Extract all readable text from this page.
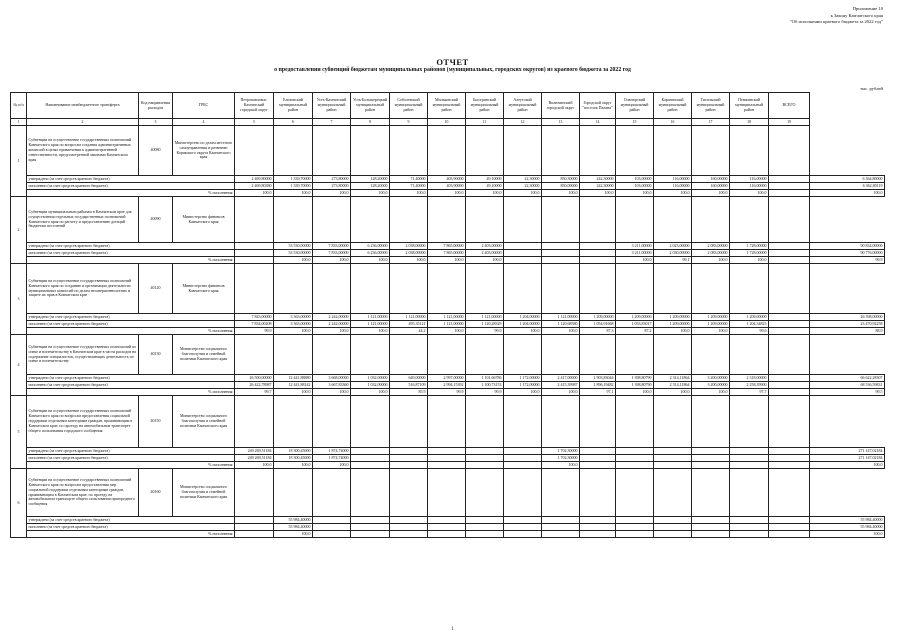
Приложение 10
к Закону Камчатского края
"Об исполнении краевого бюджета за 2022 год"
ОТЧЕТ
о предоставлении субвенций бюджетам муниципальных районов (муниципальных, городских округов) из краевого бюджета за 2022 год
тыс. рублей
№ п/п	Наименование межбюджетного трансферта	Код направления расходов	ГРБС	Петропавловск-Камчатский городской округ	Елизовский муниципальный район	Усть-Камчатский муниципальный район	Усть-Большерецкий муниципальный район	Соболевский муниципальный район	Мильковский муниципальный район	Быстринский муниципальный район	Алеутский муниципальный район	Вилючинский городской округ	Городской округ "поселок Палана"	Олюторский муниципальный район	Карагинский муниципальный район	Тигильский муниципальный район	Пенжинский муниципальный район	ВСЕГО	
1	2	3	4	5	6	7	8	9	10	11	12	13	14	15	16	17	18	19	
1	Субвенции на осуществление государственных полномочий Камчатского края по вопросам создания административных комиссий в целях привлечения к административной ответственности, предусмотренной законами Камчатского края	40080	Министерство по делам местного самоуправления и развитию Корякского округа Камчатского края																
	утверждено (за счет средств краевого бюджета)			2 469,80000	1 339,70000	273,80000	128,20000	71,40000	403,90000	49,10000	22,30000	850,30000	242,30000	103,00000	116,00000	160,00000	116,00000		6 364,80000
	исполнено (за счет средств краевого бюджета)			2 469,80380	1 339,70000	273,80000	128,20000	71,40000	403,90000	49,10000	22,30000	850,00000	242,30000	103,00000	116,00000	160,00000	116,00000		6 362,80119
	% исполнения			100,0	100,0	100,0	100,0	100,0	100,0	100,0	100,0	100,0	100,0	100,0	100,0	100,0	100,0		100,0
2	Субвенции муниципальным районам в Камчатском крае для осуществления отдельных государственных полномочий Камчатского края по расчету и предоставлению дотаций бюджетам поселений	40090	Министерство финансов Камчатского края																
	утверждено (за счет средств краевого бюджета)				53 530,00000	7 833,00000	6 236,00000	2 038,00000	7 865,00000	2 403,00000				3 211,00000	2 023,00000	2 083,00000	1 728,00000		90 834,00000
	исполнено (за счет средств краевого бюджета)				53 530,00000	7 833,00000	6 236,00000	2 038,00000	7 865,00000	2 403,00000				3 211,00000	2 030,00000	2 083,00000	1 728,00000		90 776,00000
	% исполнения				100,0	100,0	100,0	100,0	100,0	100,0				100,0	99,1	100,0	100,0		99,9
3	Субвенции на осуществление государственных полномочий Камчатского края по созданию и организации деятельности муниципальных комиссий по делам несовершеннолетних и защите их прав в Камчатском крае	40120	Министерство финансов Камчатского края																
	утверждено (за счет средств краевого бюджета)			7 843,00000	3 363,00000	2 242,00000	1 121,00000	1 121,00000	1 121,00000	1 121,00000	1 204,00000	1 121,00000	1 209,00000	1 209,00000	1 209,00000	1 209,00000	1 209,00000		26 398,00000
	исполнено (за счет средств краевого бюджета)			7 834,00208	3 363,00000	2 242,00000	1 121,00000	495,35121	1 121,00000	1 120,28329	1 204,00000	1 120,68580	1 054,91668	1 053,83017	1 209,00000	1 209,00000	1 204,34825		23 470,92258
	% исполнения			99,9	100,0	100,0	100,0	44,2	100,0	99,9	100,0	100,0	87,3	87,2	100,0	100,0	99,6		88,9
4	Субвенции на осуществление государственных полномочий по опеке и попечительству в Камчатском крае в части расходов на содержание специалистов, осуществляющих деятельность по опеке и попечительству	40130	Министерство социального благополучия и семейной политики Камчатского края																
	утверждено (за счет средств краевого бюджета)			26 500,00000	12 441,88880	3 668,00000	1 032,00000	649,00000	2 997,00000	1 101,66786	1 172,00000	2 417,00000	1 903,83044	1 398,80790	2 314,11864	3 200,00000	2 318,00000		66 622,28307
	исполнено (за счет средств краевого бюджета)			26 422,78987	12 441,88142	3 667,83360	1 032,00000	516,87109	2 994,15392	1 100,73153	1 172,00000	2 415,39987	1 896,19482	1 398,80790	2 314,11864	3 200,00000	2 258,39900		68 536,59831
	% исполнения			99,7	100,0	100,0	100,0	85,9	99,9	99,9	100,0	100,0	97,1	100,0	100,0	100,0	97,7		99,5
5	Субвенции на осуществление государственных полномочий Камчатского края по вопросам предоставления социальной поддержки отдельным категориям граждан, проживающим в Камчатском крае, по проезду на автомобильном транспорте общего пользования городского сообщения	40150	Министерство социального благополучия и семейной политики Камчатского края																
	утверждено (за счет средств краевого бюджета)			249 269,51184	18 300,45000	1 874,74000						1 702,30000							271 147,02184
	исполнено (за счет средств краевого бюджета)			249 269,51184	18 300,45000	1 874,74000						1 702,30000							271 147,02184
	% исполнения			100,0	100,0	100,0						100,0							100,0
6	Субвенции на осуществление государственных полномочий Камчатского края по вопросам предоставления мер социальной поддержки отдельным категориям граждан, проживающим в Камчатском крае, по проезду на автомобильном транспорте общего пользования пригородного сообщения	40160	Министерство социального благополучия и семейной политики Камчатского края																
	утверждено (за счет средств краевого бюджета)				55 984,40000														55 984,40000
	исполнено (за счет средств краевого бюджета)				55 984,40000														55 984,40000
	% исполнения				100,0														100,0
1
